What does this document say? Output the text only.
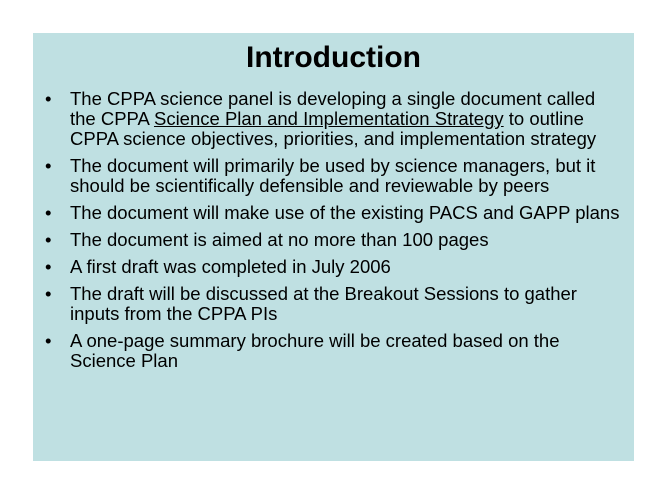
Introduction
• The CPPA science panel is developing a single document called the CPPA Science Plan and Implementation Strategy to outline CPPA science objectives, priorities, and implementation strategy
• The document will primarily be used by science managers, but it should be scientifically defensible and reviewable by peers
• The document will make use of the existing PACS and GAPP plans
• The document is aimed at no more than 100 pages
• A first draft was completed in July 2006
• The draft will be discussed at the Breakout Sessions to gather inputs from the CPPA PIs
• A one-page summary brochure will be created based on the Science Plan
